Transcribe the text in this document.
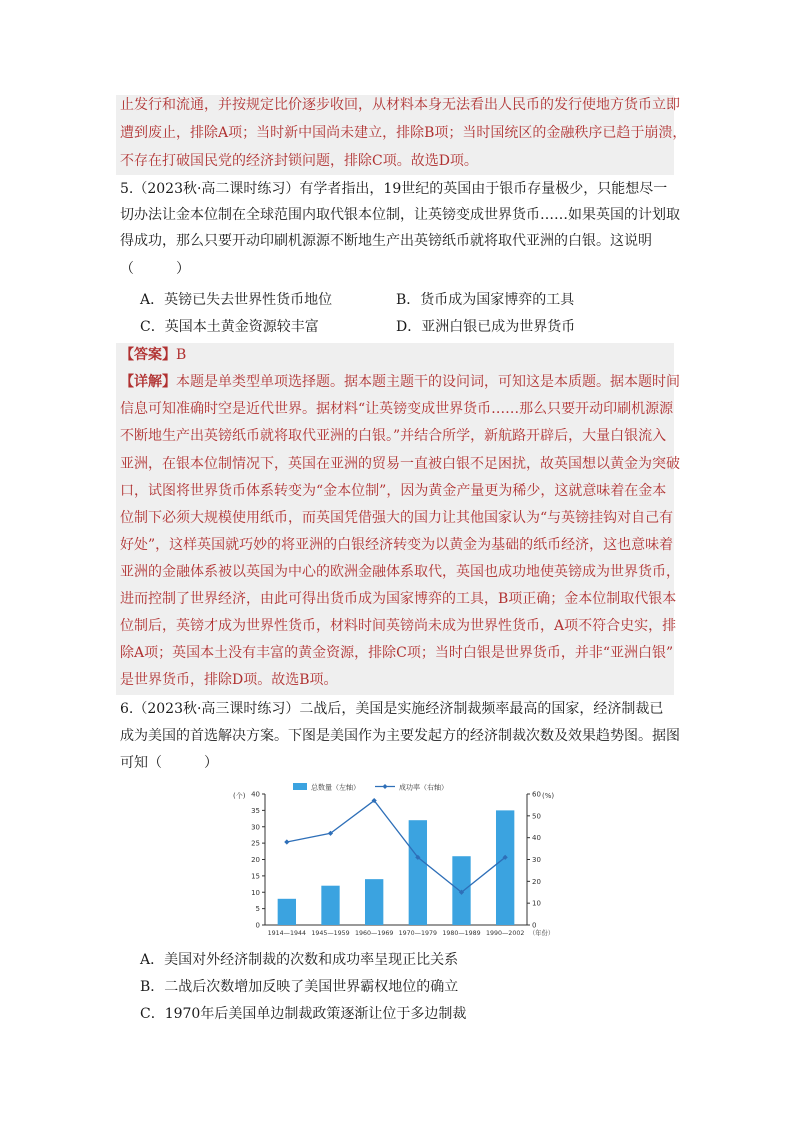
止发行和流通，并按规定比价逐步收回，从材料本身无法看出人民币的发行使地方货币立即
遭到废止，排除A项；当时新中国尚未建立，排除B项；当时国统区的金融秩序已趋于崩溃，
不存在打破国民党的经济封锁问题，排除C项。故选D项。
5.（2023秋·高二课时练习）有学者指出，19世纪的英国由于银币存量极少，只能想尽一
切办法让金本位制在全球范围内取代银本位制，让英镑变成世界货币……如果英国的计划取
得成功，那么只要开动印刷机源源不断地生产出英镑纸币就将取代亚洲的白银。这说明
（　　　）
A．英镑已失去世界性货币地位	B．货币成为国家博弈的工具
C．英国本土黄金资源较丰富	D．亚洲白银已成为世界货币
【答案】B
【详解】本题是单类型单项选择题。据本题主题干的设问词，可知这是本质题。据本题时间
信息可知准确时空是近代世界。据材料“让英镑变成世界货币……那么只要开动印刷机源源
不断地生产出英镑纸币就将取代亚洲的白银。”并结合所学，新航路开辟后，大量白银流入
亚洲，在银本位制情况下，英国在亚洲的贸易一直被白银不足困扰，故英国想以黄金为突破
口，试图将世界货币体系转变为“金本位制”，因为黄金产量更为稀少，这就意味着在金本
位制下必须大规模使用纸币，而英国凭借强大的国力让其他国家认为“与英镑挂钩对自己有
好处”，这样英国就巧妙的将亚洲的白银经济转变为以黄金为基础的纸币经济，这也意味着
亚洲的金融体系被以英国为中心的欧洲金融体系取代，英国也成功地使英镑成为世界货币，
进而控制了世界经济，由此可得出货币成为国家博弈的工具，B项正确；金本位制取代银本
位制后，英镑才成为世界性货币，材料时间英镑尚未成为世界性货币，A项不符合史实，排
除A项；英国本土没有丰富的黄金资源，排除C项；当时白银是世界货币，并非“亚洲白银”
是世界货币，排除D项。故选B项。
6.（2023秋·高三课时练习）二战后，美国是实施经济制裁频率最高的国家，经济制裁已
成为美国的首选解决方案。下图是美国作为主要发起方的经济制裁次数及效果趋势图。据图
可知（　　　）
0
5
10
15
20
25
30
35
40
0
10
20
30
40
50
60
(个)	(%)
1914—1944 1945—1959 1960—1969 1970—1979 1980—1989 1990—2002 （年份）
总数量（左轴）	成功率（右轴）
A．美国对外经济制裁的次数和成功率呈现正比关系
B．二战后次数增加反映了美国世界霸权地位的确立
C．1970年后美国单边制裁政策逐渐让位于多边制裁
